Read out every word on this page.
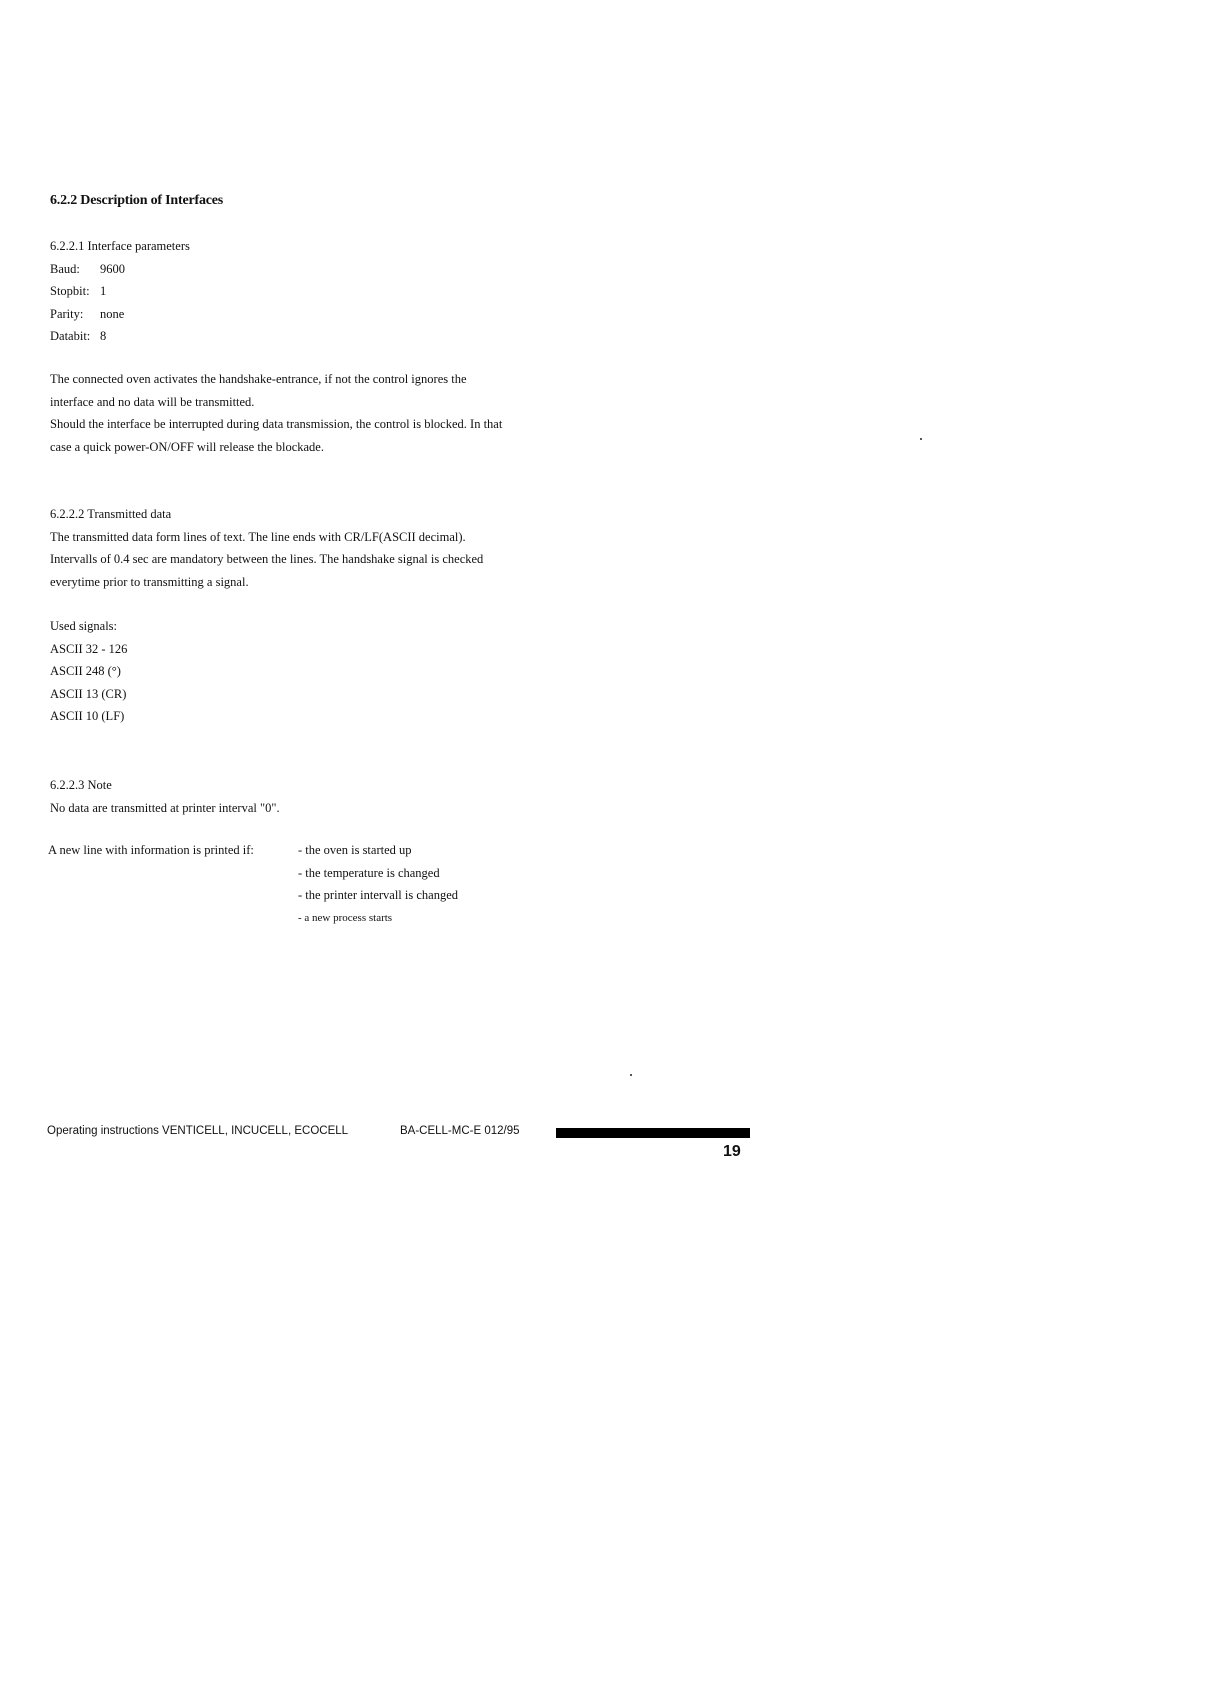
6.2.2 Description of Interfaces
6.2.2.1 Interface parameters
Baud: 9600
Stopbit: 1
Parity: none
Databit: 8
The connected oven activates the handshake-entrance, if not the control ignores the
interface and no data will be transmitted.
Should the interface be interrupted during data transmission, the control is blocked. In that
case a quick power-ON/OFF will release the blockade.
6.2.2.2 Transmitted data
The transmitted data form lines of text. The line ends with CR/LF(ASCII decimal).
Intervalls of 0.4 sec are mandatory between the lines. The handshake signal is checked
everytime prior to transmitting a signal.
Used signals:
ASCII 32 - 126
ASCII 248 (°)
ASCII 13 (CR)
ASCII 10 (LF)
6.2.2.3 Note
No data are transmitted at printer interval "0".
A new line with information is printed if:	- the oven is started up
- the temperature is changed
- the printer intervall is changed
- a new process starts
Operating instructions VENTICELL, INCUCELL, ECOCELL	BA-CELL-MC-E 012/95
19
